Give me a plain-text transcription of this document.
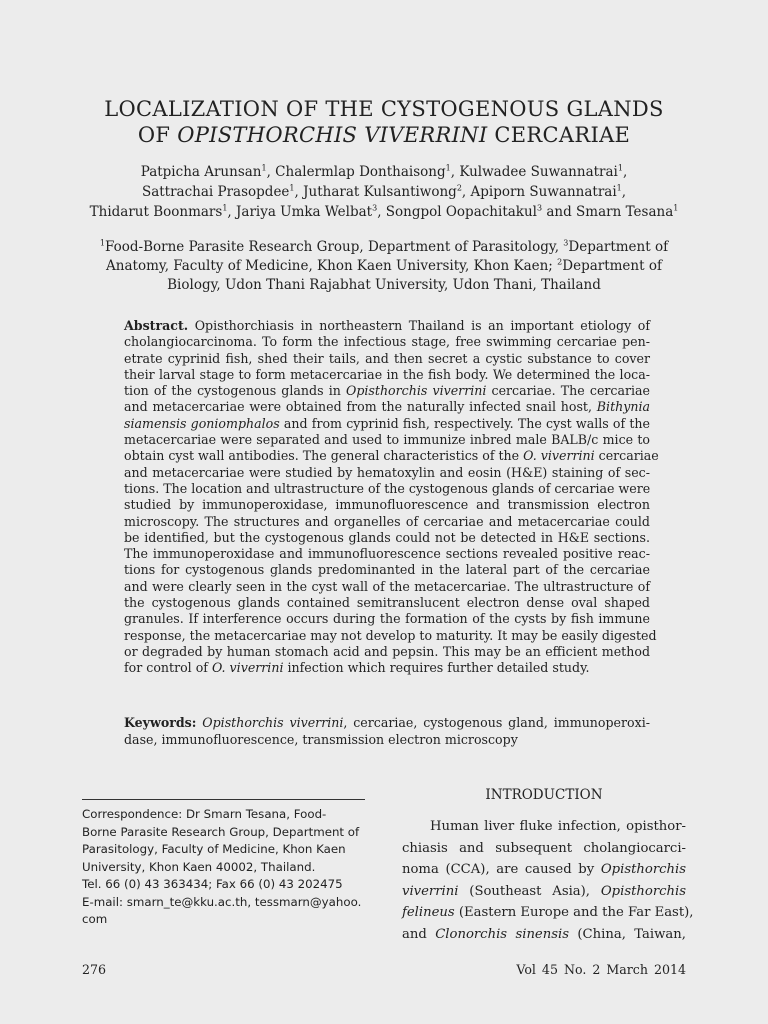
LOCALIZATION OF THE CYSTOGENOUS GLANDS
OF OPISTHORCHIS VIVERRINI CERCARIAE
Patpicha Arunsan$^1$, Chalermlap Donthaisong$^1$, Kulwadee Suwannatrai$^1$,
Sattrachai Prasopdee$^1$, Jutharat Kulsantiwong$^2$, Apiporn Suwannatrai$^1$,
Thidarut Boonmars$^1$, Jariya Umka Welbat$^3$, Songpol Oopachitakul$^3$ and Smarn Tesana$^1$
$^1$Food-Borne Parasite Research Group, Department of Parasitology, $^3$Department of
Anatomy, Faculty of Medicine, Khon Kaen University, Khon Kaen; $^2$Department of
Biology, Udon Thani Rajabhat University, Udon Thani, Thailand
Abstract. Opisthorchiasis in northeastern Thailand is an important etiology of
cholangiocarcinoma. To form the infectious stage, free swimming cercariae pen-
etrate cyprinid fish, shed their tails, and then secret a cystic substance to cover
their larval stage to form metacercariae in the fish body. We determined the loca-
tion of the cystogenous glands in Opisthorchis viverrini cercariae. The cercariae
and metacercariae were obtained from the naturally infected snail host, Bithynia
siamensis goniomphalos and from cyprinid fish, respectively. The cyst walls of the
metacercariae were separated and used to immunize inbred male BALB/c mice to
obtain cyst wall antibodies. The general characteristics of the O. viverrini cercariae
and metacercariae were studied by hematoxylin and eosin (H&E) staining of sec-
tions. The location and ultrastructure of the cystogenous glands of cercariae were
studied by immunoperoxidase, immunofluorescence and transmission electron
microscopy. The structures and organelles of cercariae and metacercariae could
be identified, but the cystogenous glands could not be detected in H&E sections.
The immunoperoxidase and immunofluorescence sections revealed positive reac-
tions for cystogenous glands predominanted in the lateral part of the cercariae
and were clearly seen in the cyst wall of the metacercariae. The ultrastructure of
the cystogenous glands contained semitranslucent electron dense oval shaped
granules. If interference occurs during the formation of the cysts by fish immune
response, the metacercariae may not develop to maturity. It may be easily digested
or degraded by human stomach acid and pepsin. This may be an efficient method
for control of O. viverrini infection which requires further detailed study.
Keywords: Opisthorchis viverrini, cercariae, cystogenous gland, immunoperoxi-
dase, immunofluorescence, transmission electron microscopy
Correspondence: Dr Smarn Tesana, Food-
Borne Parasite Research Group, Department of
Parasitology, Faculty of Medicine, Khon Kaen
University, Khon Kaen 40002, Thailand.
Tel. 66 (0) 43 363434; Fax 66 (0) 43 202475
E-mail: smarn_te@kku.ac.th, tessmarn@yahoo.
com
INTRODUCTION
Human liver fluke infection, opisthor-
chiasis and subsequent cholangiocarci-
noma (CCA), are caused by Opisthorchis
viverrini (Southeast Asia), Opisthorchis
felineus (Eastern Europe and the Far East),
and Clonorchis sinensis (China, Taiwan,
276	Vol 45 No. 2 March 2014
